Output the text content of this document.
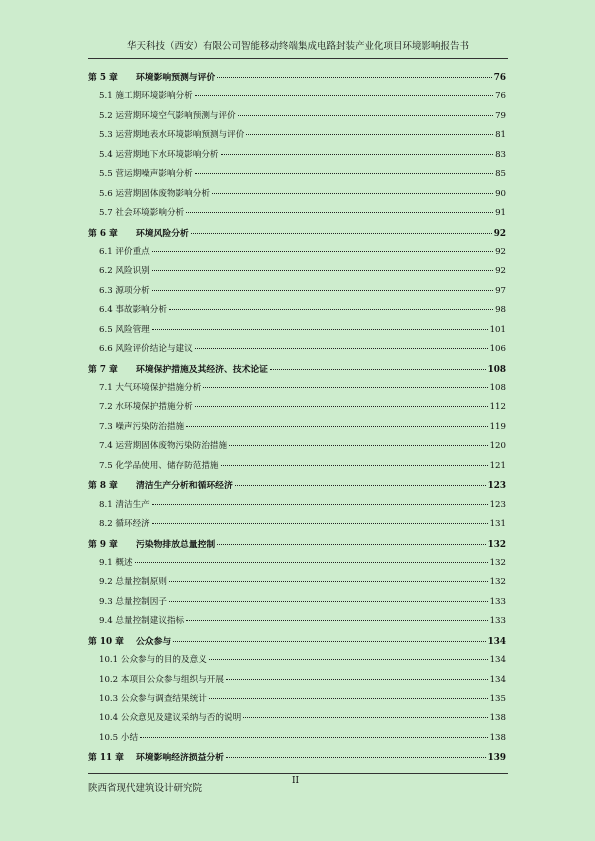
华天科技（西安）有限公司智能移动终端集成电路封装产业化项目环境影响报告书
第 5 章 环境影响预测与评价	76
5.1 施工期环境影响分析	76
5.2 运营期环境空气影响预测与评价	79
5.3 运营期地表水环境影响预测与评价	81
5.4 运营期地下水环境影响分析	83
5.5 营运期噪声影响分析	85
5.6 运营期固体废物影响分析	90
5.7 社会环境影响分析	91
第 6 章 环境风险分析	92
6.1 评价重点	92
6.2 风险识别	92
6.3 源项分析	97
6.4 事故影响分析	98
6.5 风险管理	101
6.6 风险评价结论与建议	106
第 7 章 环境保护措施及其经济、技术论证	108
7.1 大气环境保护措施分析	108
7.2 水环境保护措施分析	112
7.3 噪声污染防治措施	119
7.4 运营期固体废物污染防治措施	120
7.5 化学品使用、储存防范措施	121
第 8 章 清洁生产分析和循环经济	123
8.1 清洁生产	123
8.2 循环经济	131
第 9 章 污染物排放总量控制	132
9.1 概述	132
9.2 总量控制原则	132
9.3 总量控制因子	133
9.4 总量控制建议指标	133
第 10 章 公众参与	134
10.1 公众参与的目的及意义	134
10.2 本项目公众参与组织与开展	134
10.3 公众参与调查结果统计	135
10.4 公众意见及建议采纳与否的说明	138
10.5 小结	138
第 11 章 环境影响经济损益分析	139
陕西省现代建筑设计研究院
II
